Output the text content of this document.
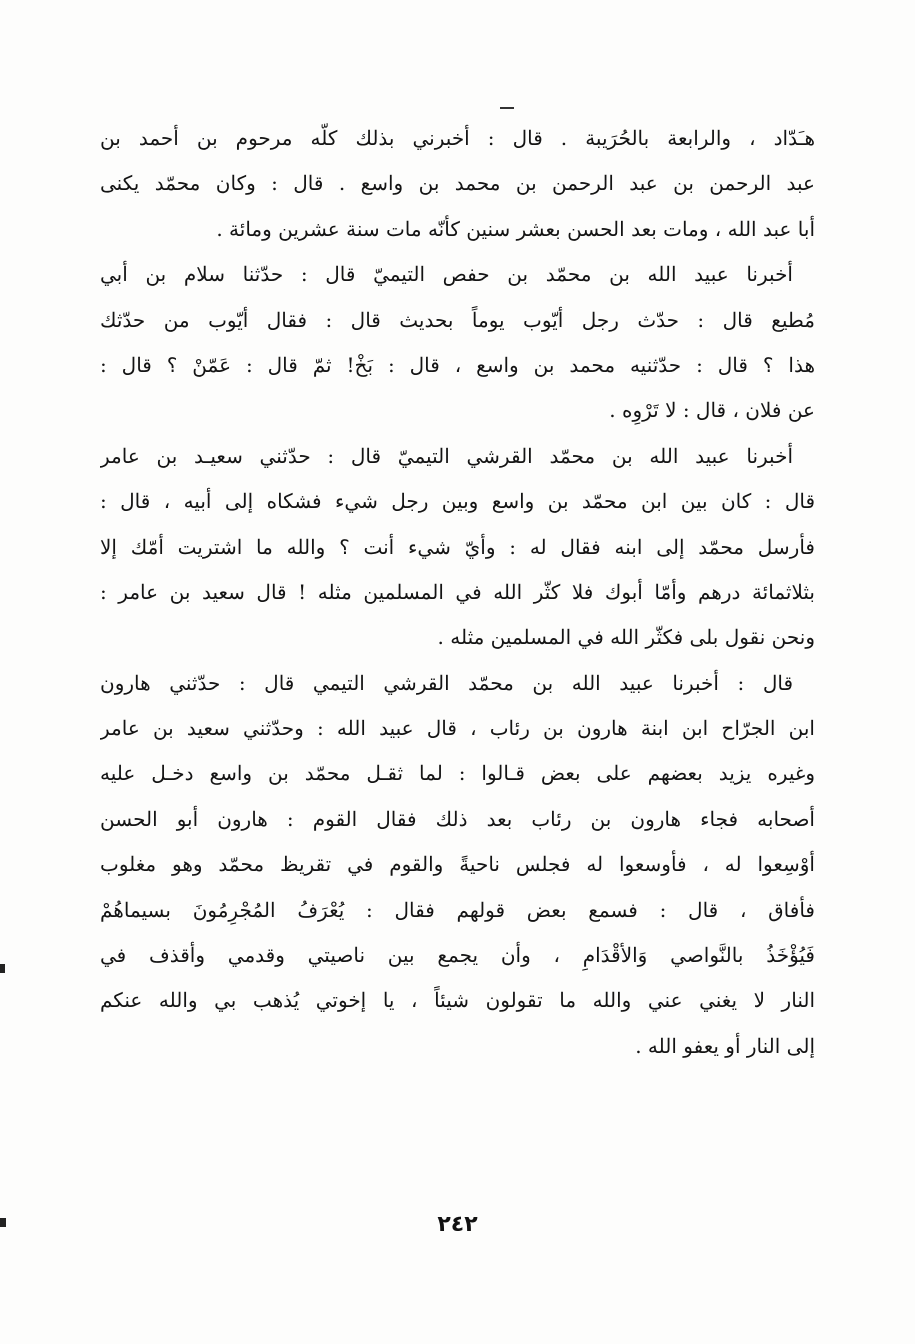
هـَدّاد ، والرابعة بالحُرَيبة . قال : أخبرني بذلك كلّه مرحوم بن أحمد بن
عبد الرحمن بن عبد الرحمن بن محمد بن واسع . قال : وكان محمّد يكنى
أبا عبد الله ، ومات بعد الحسن بعشر سنين كأنّه مات سنة عشرين ومائة .
أخبرنا عبيد الله بن محمّد بن حفص التيميّ قال : حدّثنا سلام بن أبي
مُطيع قال : حدّث رجل أيّوب يوماً بحديث قال : فقال أيّوب من حدّثك
هذا ؟ قال : حدّثنيه محمد بن واسع ، قال : بَخْ! ثمّ قال : عَمّنْ ؟ قال :
عن فلان ، قال : لا تَرْوِه .
أخبرنا عبيد الله بن محمّد القرشي التيميّ قال : حدّثني سعيـد بن عامر
قال : كان بين ابن محمّد بن واسع وبين رجل شيء فشكاه إلى أبيه ، قال :
فأرسل محمّد إلى ابنه فقال له : وأيّ شيء أنت ؟ والله ما اشتريت أمّك إلا
بثلاثمائة درهم وأمّا أبوك فلا كثّر الله في المسلمين مثله ! قال سعيد بن عامر :
ونحن نقول بلى فكثّر الله في المسلمين مثله .
قال : أخبرنا عبيد الله بن محمّد القرشي التيمي قال : حدّثني هارون
ابن الجرّاح ابن ابنة هارون بن رئاب ، قال عبيد الله : وحدّثني سعيد بن عامر
وغيره يزيد بعضهم على بعض قـالوا : لما ثقـل محمّد بن واسع دخـل عليه
أصحابه فجاء هارون بن رئاب بعد ذلك فقال القوم : هارون أبو الحسن
أوْسِعوا له ، فأوسعوا له فجلس ناحيةً والقوم في تقريظ محمّد وهو مغلوب
فأفاق ، قال : فسمع بعض قولهم فقال : يُعْرَفُ المُجْرِمُونَ بسيماهُمْ
فَيُؤْخَذُ بالنَّواصي وَالأقْدَامِ ، وأن يجمع بين ناصيتي وقدمي وأقذف في
النار لا يغني عني والله ما تقولون شيئاً ، يا إخوتي يُذهب بي والله عنكم
إلى النار أو يعفو الله .
٢٤٢
